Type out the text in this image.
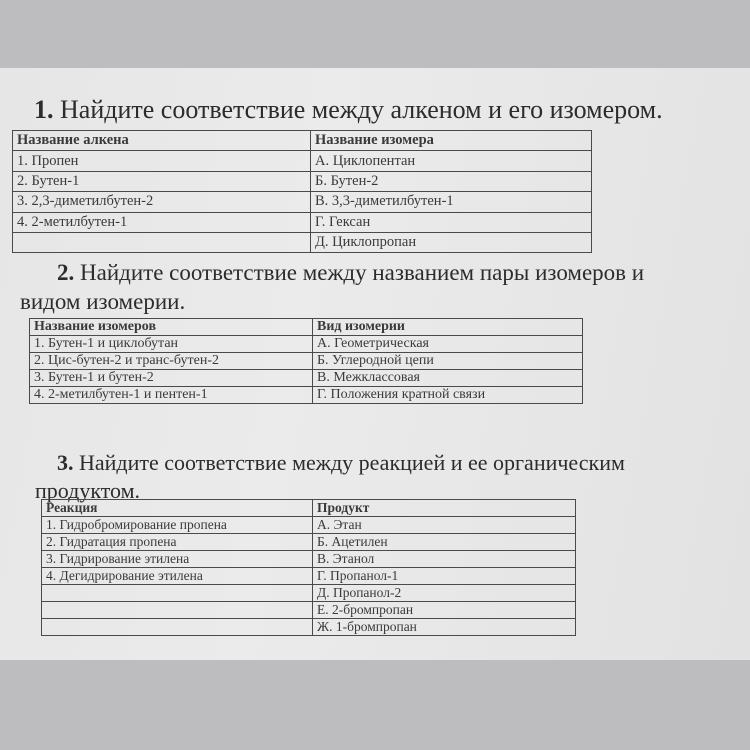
1. Найдите соответствие между алкеном и его изомером.
Название алкена	Название изомера
1. Пропен	А. Циклопентан
2. Бутен-1	Б. Бутен-2
3. 2,3-диметилбутен-2	В. 3,3-диметилбутен-1
4. 2-метилбутен-1	Г. Гексан
	Д. Циклопропан
2. Найдите соответствие между названием пары изомеров и
видом изомерии.
Название изомеров	Вид изомерии
1. Бутен-1 и циклобутан	А. Геометрическая
2. Цис-бутен-2 и транс-бутен-2	Б. Углеродной цепи
3. Бутен-1 и бутен-2	В. Межклассовая
4. 2-метилбутен-1 и пентен-1	Г. Положения кратной связи
3. Найдите соответствие между реакцией и ее органическим
продуктом.
Реакция	Продукт
1. Гидробромирование пропена	А. Этан
2. Гидратация пропена	Б. Ацетилен
3. Гидрирование этилена	В. Этанол
4. Дегидрирование этилена	Г. Пропанол-1
	Д. Пропанол-2
	Е. 2-бромпропан
	Ж. 1-бромпропан
